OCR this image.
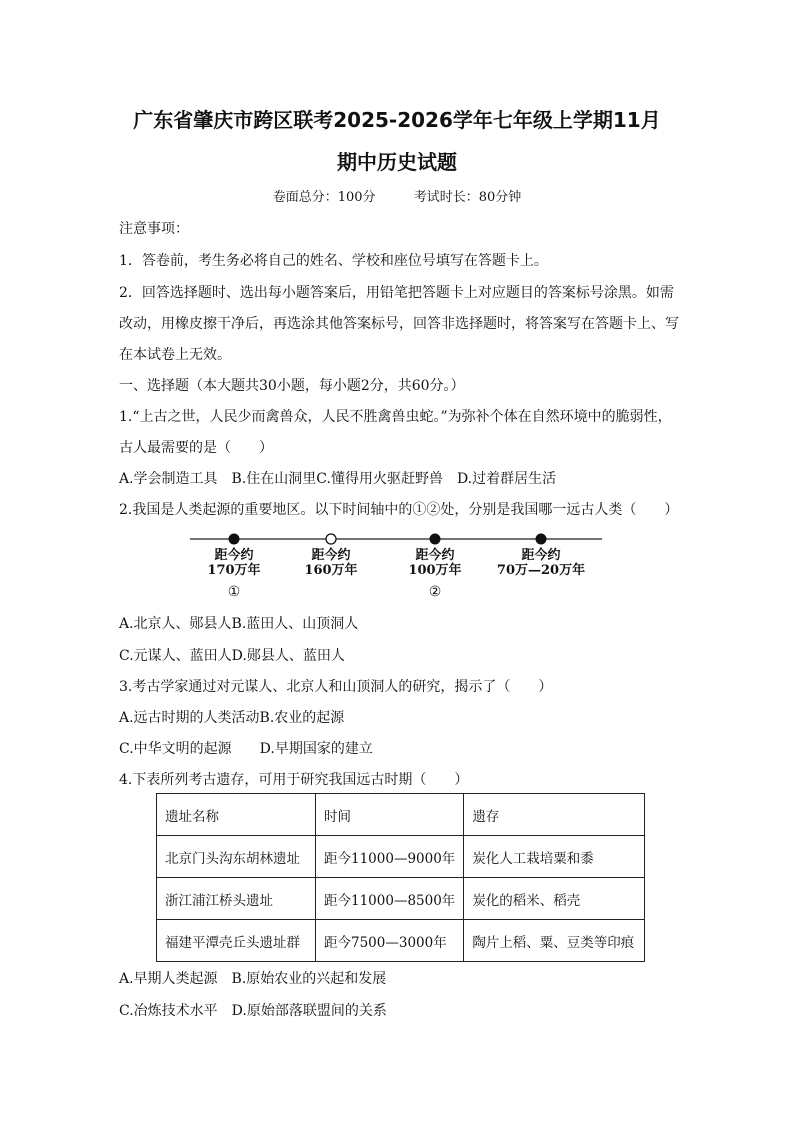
广东省肇庆市跨区联考2025-2026学年七年级上学期11月
期中历史试题
卷面总分：100分	考试时长：80分钟
注意事项：
1．答卷前，考生务必将自己的姓名、学校和座位号填写在答题卡上。
2．回答选择题时、选出每小题答案后，用铅笔把答题卡上对应题目的答案标号涂黑。如需
改动，用橡皮擦干净后，再选涂其他答案标号，回答非选择题时，将答案写在答题卡上、写
在本试卷上无效。
一、选择题（本大题共30小题，每小题2分，共60分。）
1.“上古之世，人民少而禽兽众，人民不胜禽兽虫蛇。”为弥补个体在自然环境中的脆弱性，
古人最需要的是（　　）
A.学会制造工具　B.住在山洞里C.懂得用火驱赶野兽　D.过着群居生活
2.我国是人类起源的重要地区。以下时间轴中的①②处，分别是我国哪一远古人类（　　）
距今约
170万年
距今约
160万年
距今约
100万年
距今约
70万—20万年
①	②
A.北京人、郧县人B.蓝田人、山顶洞人
C.元谋人、蓝田人D.郧县人、蓝田人
3.考古学家通过对元谋人、北京人和山顶洞人的研究，揭示了（　　）
A.远古时期的人类活动B.农业的起源
C.中华文明的起源　　D.早期国家的建立
4.下表所列考古遗存，可用于研究我国远古时期（　　）
遗址名称	时间	遗存
北京门头沟东胡林遗址	距今11000—9000年	炭化人工栽培粟和黍
浙江浦江桥头遗址	距今11000—8500年	炭化的稻米、稻壳
福建平潭壳丘头遗址群	距今7500—3000年	陶片上稻、粟、豆类等印痕
A.早期人类起源　B.原始农业的兴起和发展
C.冶炼技术水平　D.原始部落联盟间的关系
